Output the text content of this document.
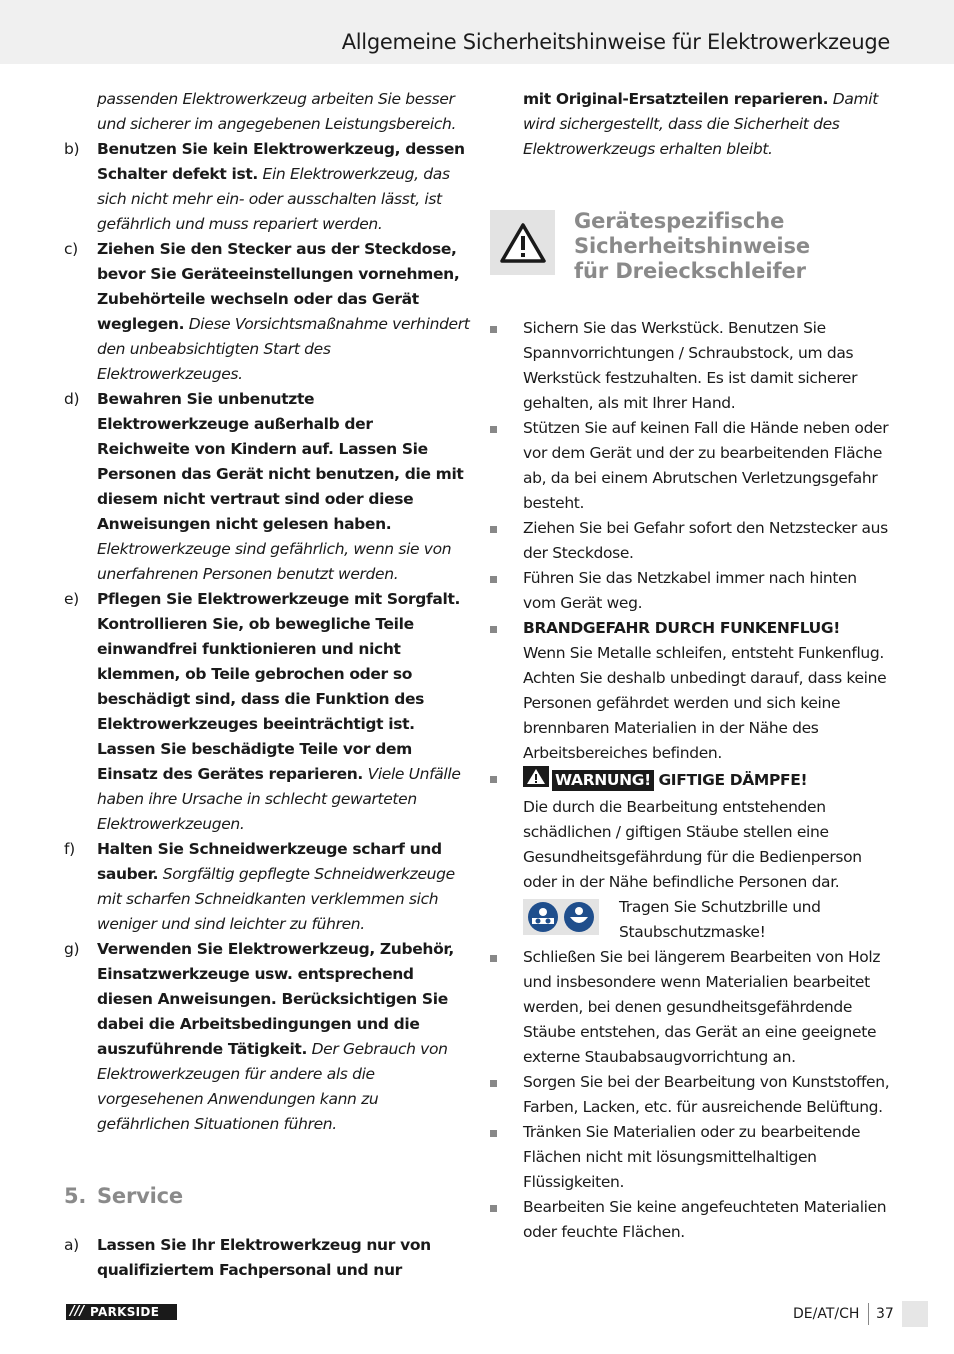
Allgemeine Sicherheitshinweise für Elektrowerkzeuge
passenden Elektrowerkzeug arbeiten Sie besser und sicherer im angegebenen Leistungsbereich.
b) Benutzen Sie kein Elektrowerkzeug, dessen Schalter defekt ist. Ein Elektrowerkzeug, das sich nicht mehr ein- oder ausschalten lässt, ist gefährlich und muss repariert werden.
c) Ziehen Sie den Stecker aus der Steckdose, bevor Sie Geräteeinstellungen vornehmen, Zubehörteile wechseln oder das Gerät weglegen. Diese Vorsichtsmaßnahme verhindert den unbeabsichtigten Start des Elektrowerkzeuges.
d) Bewahren Sie unbenutzte Elektrowerkzeuge außerhalb der Reichweite von Kindern auf. Lassen Sie Personen das Gerät nicht benutzen, die mit diesem nicht vertraut sind oder diese Anweisungen nicht gelesen haben. Elektrowerkzeuge sind gefährlich, wenn sie von unerfahrenen Personen benutzt werden.
e) Pflegen Sie Elektrowerkzeuge mit Sorgfalt. Kontrollieren Sie, ob bewegliche Teile einwandfrei funktionieren und nicht klemmen, ob Teile gebrochen oder so beschädigt sind, dass die Funktion des Elektrowerkzeuges beeinträchtigt ist. Lassen Sie beschädigte Teile vor dem Einsatz des Gerätes reparieren. Viele Unfälle haben ihre Ursache in schlecht gewarteten Elektrowerkzeugen.
f) Halten Sie Schneidwerkzeuge scharf und sauber. Sorgfältig gepflegte Schneidwerkzeuge mit scharfen Schneidkanten verklemmen sich weniger und sind leichter zu führen.
g) Verwenden Sie Elektrowerkzeug, Zubehör, Einsatzwerkzeuge usw. entsprechend diesen Anweisungen. Berücksichtigen Sie dabei die Arbeitsbedingungen und die auszuführende Tätigkeit. Der Gebrauch von Elektrowerkzeugen für andere als die vorgesehenen Anwendungen kann zu gefährlichen Situationen führen.
5. Service
a) Lassen Sie Ihr Elektrowerkzeug nur von qualifiziertem Fachpersonal und nur
mit Original-Ersatzteilen reparieren. Damit wird sichergestellt, dass die Sicherheit des Elektrowerkzeugs erhalten bleibt.
Gerätespezifische
Sicherheitshinweise
für Dreieckschleifer
Sichern Sie das Werkstück. Benutzen Sie Spannvorrichtungen / Schraubstock, um das Werkstück festzuhalten. Es ist damit sicherer gehalten, als mit Ihrer Hand.
Stützen Sie auf keinen Fall die Hände neben oder vor dem Gerät und der zu bearbeitenden Fläche ab, da bei einem Abrutschen Verletzungsgefahr besteht.
Ziehen Sie bei Gefahr sofort den Netzstecker aus der Steckdose.
Führen Sie das Netzkabel immer nach hinten vom Gerät weg.
BRANDGEFAHR DURCH FUNKENFLUG!
Wenn Sie Metalle schleifen, entsteht Funkenflug. Achten Sie deshalb unbedingt darauf, dass keine Personen gefährdet werden und sich keine brennbaren Materialien in der Nähe des Arbeitsbereiches befinden.
WARNUNG! GIFTIGE DÄMPFE!
Die durch die Bearbeitung entstehenden schädlichen / giftigen Stäube stellen eine Gesundheitsgefährdung für die Bedienperson oder in der Nähe befindliche Personen dar.
Tragen Sie Schutzbrille und Staubschutzmaske!
Schließen Sie bei längerem Bearbeiten von Holz und insbesondere wenn Materialien bearbeitet werden, bei denen gesundheitsgefährdende Stäube entstehen, das Gerät an eine geeignete externe Staubabsaugvorrichtung an.
Sorgen Sie bei der Bearbeitung von Kunststoffen, Farben, Lacken, etc. für ausreichende Belüftung.
Tränken Sie Materialien oder zu bearbeitende Flächen nicht mit lösungsmittelhaltigen Flüssigkeiten.
Bearbeiten Sie keine angefeuchteten Materialien oder feuchte Flächen.
/// PARKSIDE	DE/AT/CH 37
